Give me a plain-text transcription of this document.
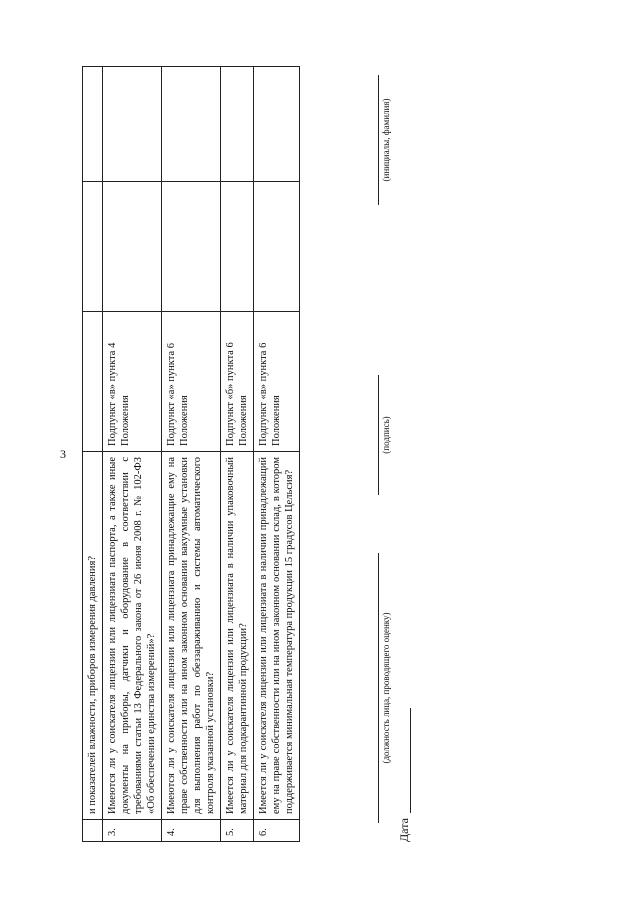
3
	и показателей влажности, приборов измерения давления?			
3.	Имеются ли у соискателя лицензии или лицензиата паспорта, а также иные документы на приборы, датчики и оборудование в соответствии с требованиями статьи 13 Федерального закона от 26 июня 2008 г. № 102-ФЗ «Об обеспечении единства измерений»?	Подпункт «в» пункта 4 Положения		
4.	Имеются ли у соискателя лицензии или лицензиата принадлежащие ему на праве собственности или на ином законном основании вакуумные установки для выполнения работ по обеззараживанию и системы автоматического контроля указанной установки?	Подпункт «а» пункта 6 Положения		
5.	Имеется ли у соискателя лицензии или лицензиата в наличии упаковочный материал для подкарантинной продукции?	Подпункт «б» пункта 6 Положения		
6.	Имеется ли у соискателя лицензии или лицензиата в наличии принадлежащий ему на праве собственности или на ином законном основании склад, в котором поддерживается минимальная температура продукции 15 градусов Цельсия?	Подпункт «в» пункта 6 Положения		
(должность лица, проводящего оценку)
(подпись)
(инициалы, фамилия)
Дата
